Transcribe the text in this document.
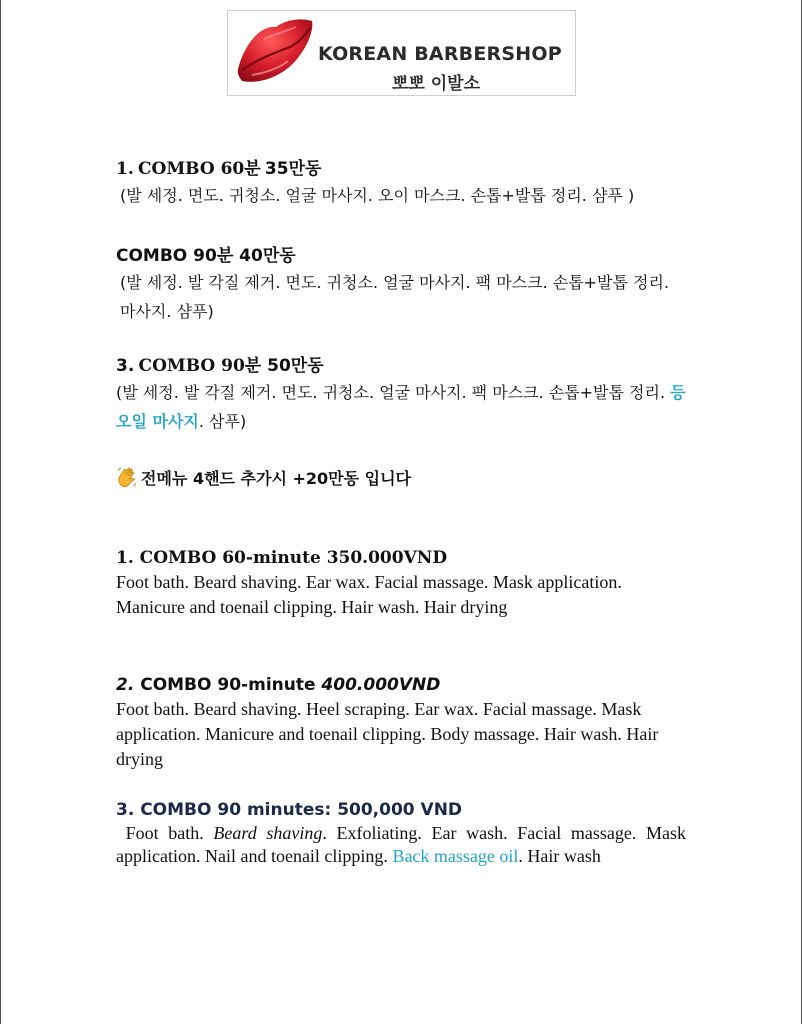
KOREAN BARBERSHOP
뽀뽀 이발소
1. COMBO 60분 35만동
(발 세정. 면도. 귀청소. 얼굴 마사지. 오이 마스크. 손톱+발톱 정리. 샴푸 )
COMBO 90분 40만동
(발 세정. 발 각질 제거. 면도. 귀청소. 얼굴 마사지. 팩 마스크. 손톱+발톱 정리. 마사지. 샴푸)
3. COMBO 90분 50만동
(발 세정. 발 각질 제거. 면도. 귀청소. 얼굴 마사지. 팩 마스크. 손톱+발톱 정리. 등 오일 마사지. 삼푸)
전메뉴 4핸드 추가시 +20만동 입니다
1. COMBO 60-minute 350.000VND
Foot bath. Beard shaving. Ear wax. Facial massage. Mask application. Manicure and toenail clipping. Hair wash. Hair drying
2. COMBO 90-minute 400.000VND
Foot bath. Beard shaving. Heel scraping. Ear wax. Facial massage. Mask application. Manicure and toenail clipping. Body massage. Hair wash. Hair drying
3. COMBO 90 minutes: 500,000 VND
Foot bath. Beard shaving. Exfoliating. Ear wash. Facial massage. Mask application. Nail and toenail clipping. Back massage oil. Hair wash
